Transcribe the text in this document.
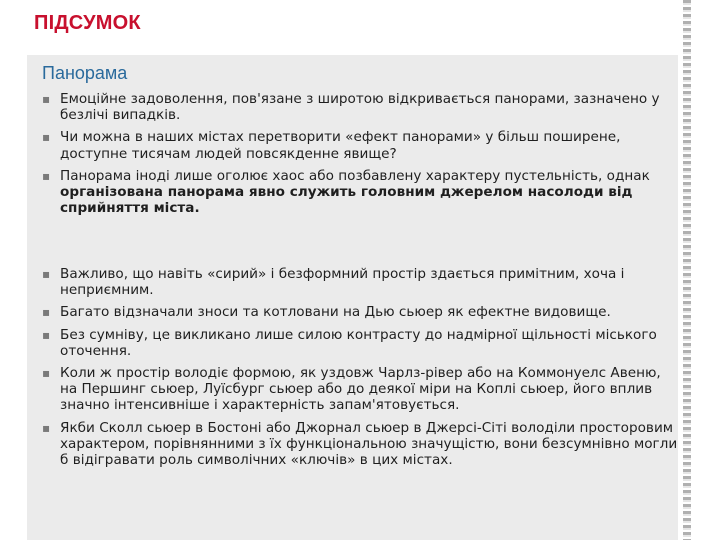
ПІДСУМОК
Панорама
▪ Емоційне задоволення, пов'язане з широтою відкривається панорами, зазначено у безлічі випадків.
▪ Чи можна в наших містах перетворити «ефект панорами» у більш поширене, доступне тисячам людей повсякденне явище?
▪ Панорама іноді лише оголює хаос або позбавлену характеру пустельність, однак організована панорама явно служить головним джерелом насолоди від сприйняття міста.
▪ Важливо, що навіть «сирий» і безформний простір здається примітним, хоча і неприємним.
▪ Багато відзначали зноси та котловани на Дью сьюер як ефектне видовище.
▪ Без сумніву, це викликано лише силою контрасту до надмірної щільності міського оточення.
▪ Коли ж простір володіє формою, як уздовж Чарлз-рівер або на Коммонуелс Авеню, на Першинг сьюер, Луїсбург сьюер або до деякої міри на Коплі сьюер, його вплив значно інтенсивніше і характерність запам'ятовується.
▪ Якби Сколл сьюер в Бостоні або Джорнал сьюер в Джерсі-Сіті володіли просторовим характером, порівнянними з їх функціональною значущістю, вони безсумнівно могли б відігравати роль символічних «ключів» в цих містах.
